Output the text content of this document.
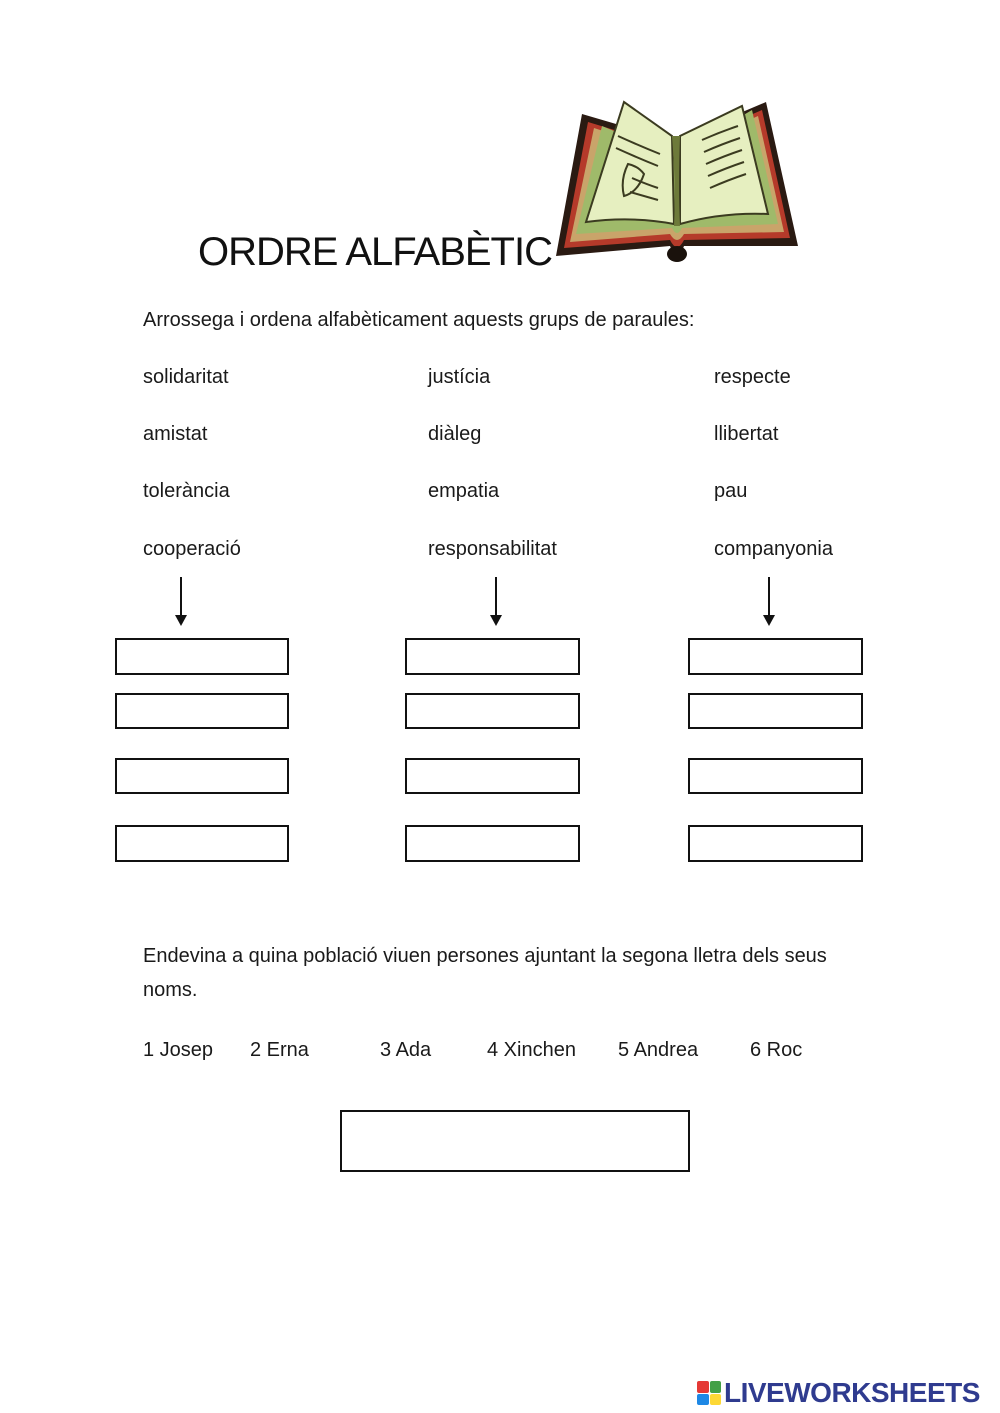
ORDRE ALFABÈTIC
Arrossega i ordena alfabèticament aquests grups de paraules:
solidaritat
amistat
tolerància
cooperació
justícia
diàleg
empatia
responsabilitat
respecte
llibertat
pau
companyonia
Endevina a quina població viuen persones ajuntant la segona lletra dels seus noms.
1 Josep 2 Erna	3 Ada	4 Xinchen 5 Andrea	6 Roc
LIVEWORKSHEETS
